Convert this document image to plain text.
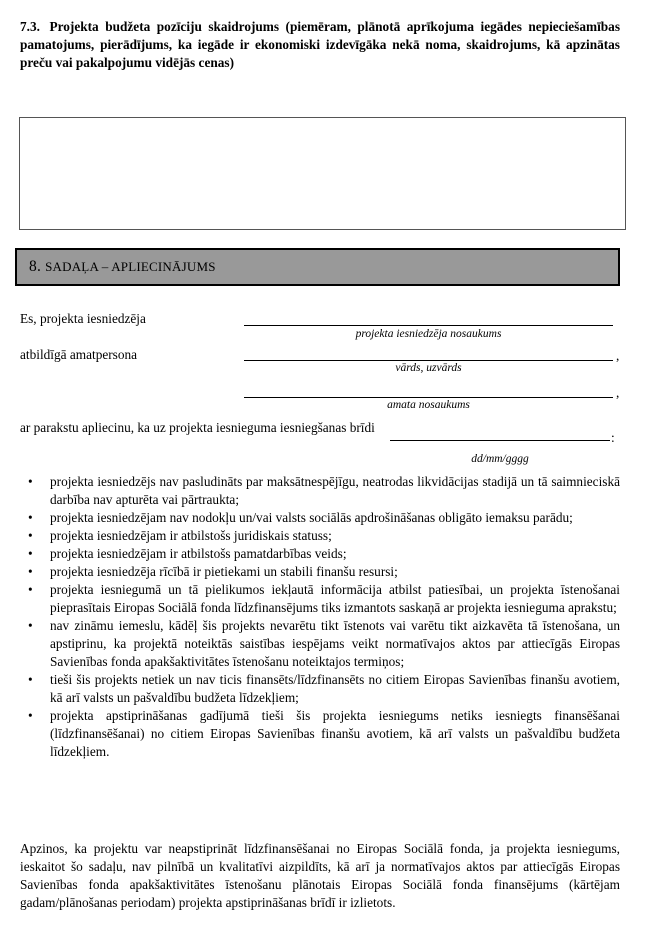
7.3. Projekta budžeta pozīciju skaidrojums (piemēram, plānotā aprīkojuma iegādes nepieciešamības pamatojums, pierādījums, ka iegāde ir ekonomiski izdevīgāka nekā noma, skaidrojums, kā apzinātas preču vai pakalpojumu vidējās cenas)
8. SADAĻA – APLIECINĀJUMS
Es, projekta iesniedzēja
projekta iesniedzēja nosaukums
atbildīgā amatpersona	,
vārds, uzvārds
,
amata nosaukums
ar parakstu apliecinu, ka uz projekta iesnieguma iesniegšanas brīdi
:
dd/mm/gggg
• projekta iesniedzējs nav pasludināts par maksātnespējīgu, neatrodas likvidācijas stadijā un tā saimnieciskā darbība nav apturēta vai pārtraukta;
• projekta iesniedzējam nav nodokļu un/vai valsts sociālās apdrošināšanas obligāto iemaksu parādu;
• projekta iesniedzējam ir atbilstošs juridiskais statuss;
• projekta iesniedzējam ir atbilstošs pamatdarbības veids;
• projekta iesniedzēja rīcībā ir pietiekami un stabili finanšu resursi;
• projekta iesniegumā un tā pielikumos iekļautā informācija atbilst patiesībai, un projekta īstenošanai pieprasītais Eiropas Sociālā fonda līdzfinansējums tiks izmantots saskaņā ar projekta iesnieguma aprakstu;
• nav zināmu iemeslu, kādēļ šis projekts nevarētu tikt īstenots vai varētu tikt aizkavēta tā īstenošana, un apstiprinu, ka projektā noteiktās saistības iespējams veikt normatīvajos aktos par attiecīgās Eiropas Savienības fonda apakšaktivitātes īstenošanu noteiktajos termiņos;
• tieši šis projekts netiek un nav ticis finansēts/līdzfinansēts no citiem Eiropas Savienības finanšu avotiem, kā arī valsts un pašvaldību budžeta līdzekļiem;
• projekta apstiprināšanas gadījumā tieši šis projekta iesniegums netiks iesniegts finansēšanai (līdzfinansēšanai) no citiem Eiropas Savienības finanšu avotiem, kā arī valsts un pašvaldību budžeta līdzekļiem.

Apzinos, ka projektu var neapstiprināt līdzfinansēšanai no Eiropas Sociālā fonda, ja projekta iesniegums, ieskaitot šo sadaļu, nav pilnībā un kvalitatīvi aizpildīts, kā arī ja normatīvajos aktos par attiecīgās Eiropas Savienības fonda apakšaktivitātes īstenošanu plānotais Eiropas Sociālā fonda finansējums (kārtējam gadam/plānošanas periodam) projekta apstiprināšanas brīdī ir izlietots.
